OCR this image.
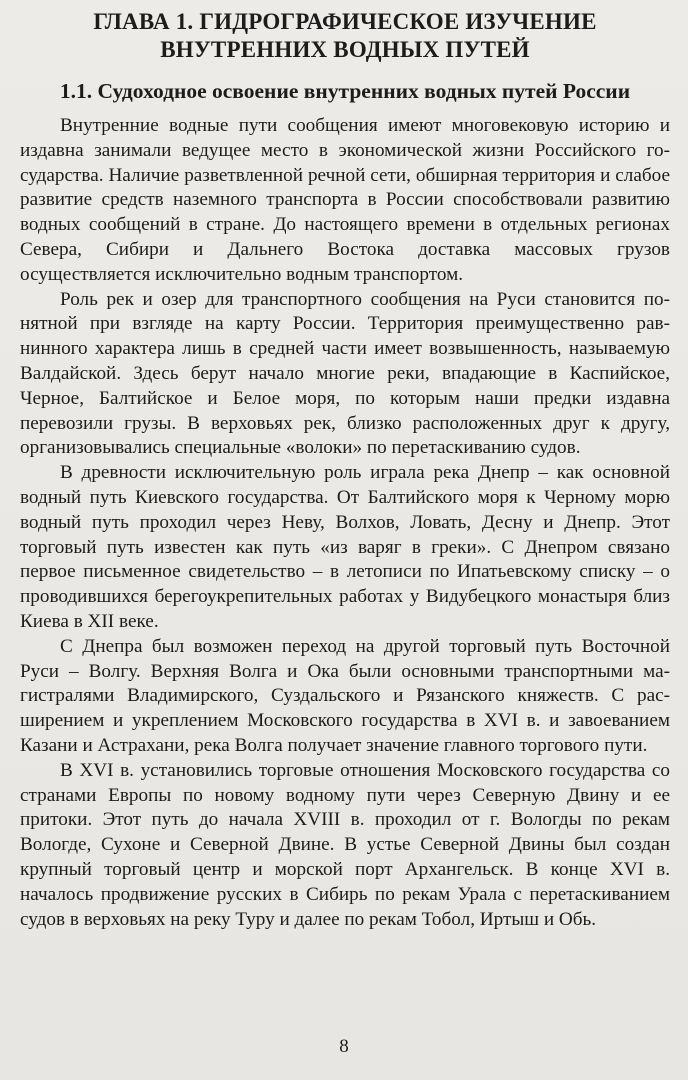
ГЛАВА 1. ГИДРОГРАФИЧЕСКОЕ ИЗУЧЕНИЕ
ВНУТРЕННИХ ВОДНЫХ ПУТЕЙ
1.1. Судоходное освоение внутренних водных путей России

Внутренние водные пути сообщения имеют многовековую историю и издавна занимали ведущее место в экономической жизни Российского государства. Наличие разветвленной речной сети, обширная территория и слабое развитие средств наземного транспорта в России способствовали развитию водных сообщений в стране. До настоящего времени в отдельных регионах Севера, Сибири и Дальнего Востока доставка массовых грузов осуществляется исключительно водным транспортом.

Роль рек и озер для транспортного сообщения на Руси становится понятной при взгляде на карту России. Территория преимущественно равнинного характера лишь в средней части имеет возвышенность, называемую Валдайской. Здесь берут начало многие реки, впадающие в Каспийское, Черное, Балтийское и Белое моря, по которым наши предки издавна перевозили грузы. В верховьях рек, близко расположенных друг к другу, организовывались специальные «волоки» по перетаскиванию судов.

В древности исключительную роль играла река Днепр – как основной водный путь Киевского государства. От Балтийского моря к Черному морю водный путь проходил через Неву, Волхов, Ловать, Десну и Днепр. Этот торговый путь известен как путь «из варяг в греки». С Днепром связано первое письменное свидетельство – в летописи по Ипатьевскому списку – о проводившихся берегоукрепительных работах у Видубецкого монастыря близ Киева в XII веке.

С Днепра был возможен переход на другой торговый путь Восточной Руси – Волгу. Верхняя Волга и Ока были основными транспортными магистралями Владимирского, Суздальского и Рязанского княжеств. С расширением и укреплением Московского государства в XVI в. и завоеванием Казани и Астрахани, река Волга получает значение главного торгового пути.

В XVI в. установились торговые отношения Московского государства со странами Европы по новому водному пути через Северную Двину и ее притоки. Этот путь до начала XVIII в. проходил от г. Вологды по рекам Вологде, Сухоне и Северной Двине. В устье Северной Двины был создан крупный торговый центр и морской порт Архангельск. В конце XVI в. началось продвижение русских в Сибирь по рекам Урала с перетаскиванием судов в верховьях на реку Туру и далее по рекам Тобол, Иртыш и Обь.

8
